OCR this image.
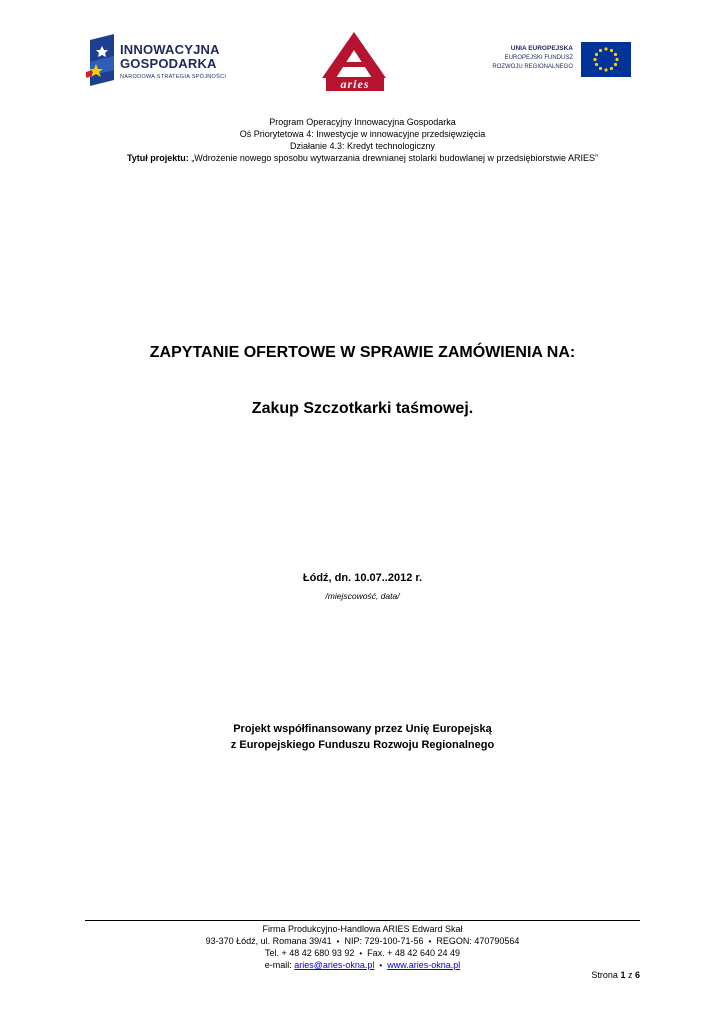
INNOWACYJNA
GOSPODARKA
NARODOWA STRATEGIA SPÓJNOŚCI	aries
UNIA EUROPEJSKA
EUROPEJSKI FUNDUSZ
ROZWOJU REGIONALNEGO
Program Operacyjny Innowacyjna Gospodarka
Oś Priorytetowa 4: Inwestycje w innowacyjne przedsięwzięcia
Działanie 4.3: Kredyt technologiczny
Tytuł projektu: „Wdrożenie nowego sposobu wytwarzania drewnianej stolarki budowlanej w przedsiębiorstwie ARIES”
ZAPYTANIE OFERTOWE W SPRAWIE ZAMÓWIENIA NA:
Zakup Szczotkarki taśmowej.
Łódź, dn. 10.07..2012 r.
/miejscowość, data/
Projekt współfinansowany przez Unię Europejską
z Europejskiego Funduszu Rozwoju Regionalnego
Firma Produkcyjno-Handlowa ARIES Edward Skał
93-370 Łódź, ul. Romana 39/41 • NIP: 729-100-71-56 • REGON: 470790564
Tel. + 48 42 680 93 92 • Fax. + 48 42 640 24 49
e-mail: aries@aries-okna.pl • www.aries-okna.pl
Strona 1 z 6
